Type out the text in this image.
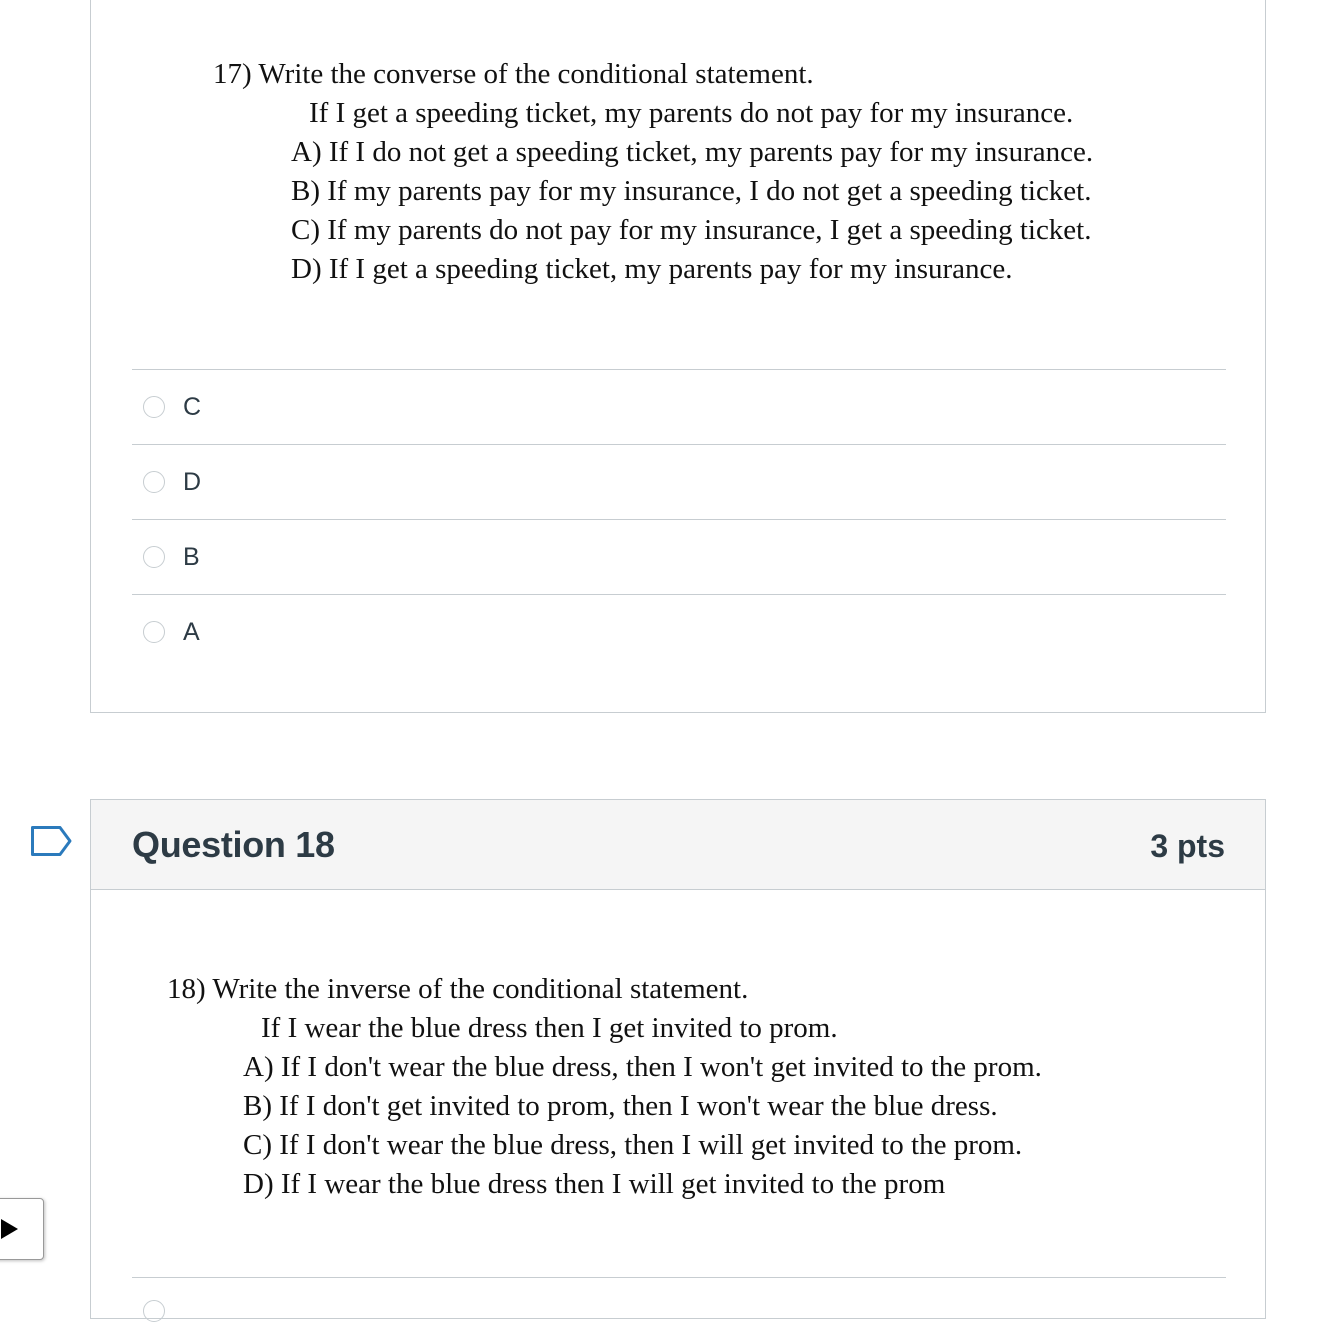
17) Write the converse of the conditional statement.
If I get a speeding ticket, my parents do not pay for my insurance.
A) If I do not get a speeding ticket, my parents pay for my insurance.
B) If my parents pay for my insurance, I do not get a speeding ticket.
C) If my parents do not pay for my insurance, I get a speeding ticket.
D) If I get a speeding ticket, my parents pay for my insurance.
C
D
B
A
Question 18	3 pts
18) Write the inverse of the conditional statement.
If I wear the blue dress then I get invited to prom.
A) If I don't wear the blue dress, then I won't get invited to the prom.
B) If I don't get invited to prom, then I won't wear the blue dress.
C) If I don't wear the blue dress, then I will get invited to the prom.
D) If I wear the blue dress then I will get invited to the prom
